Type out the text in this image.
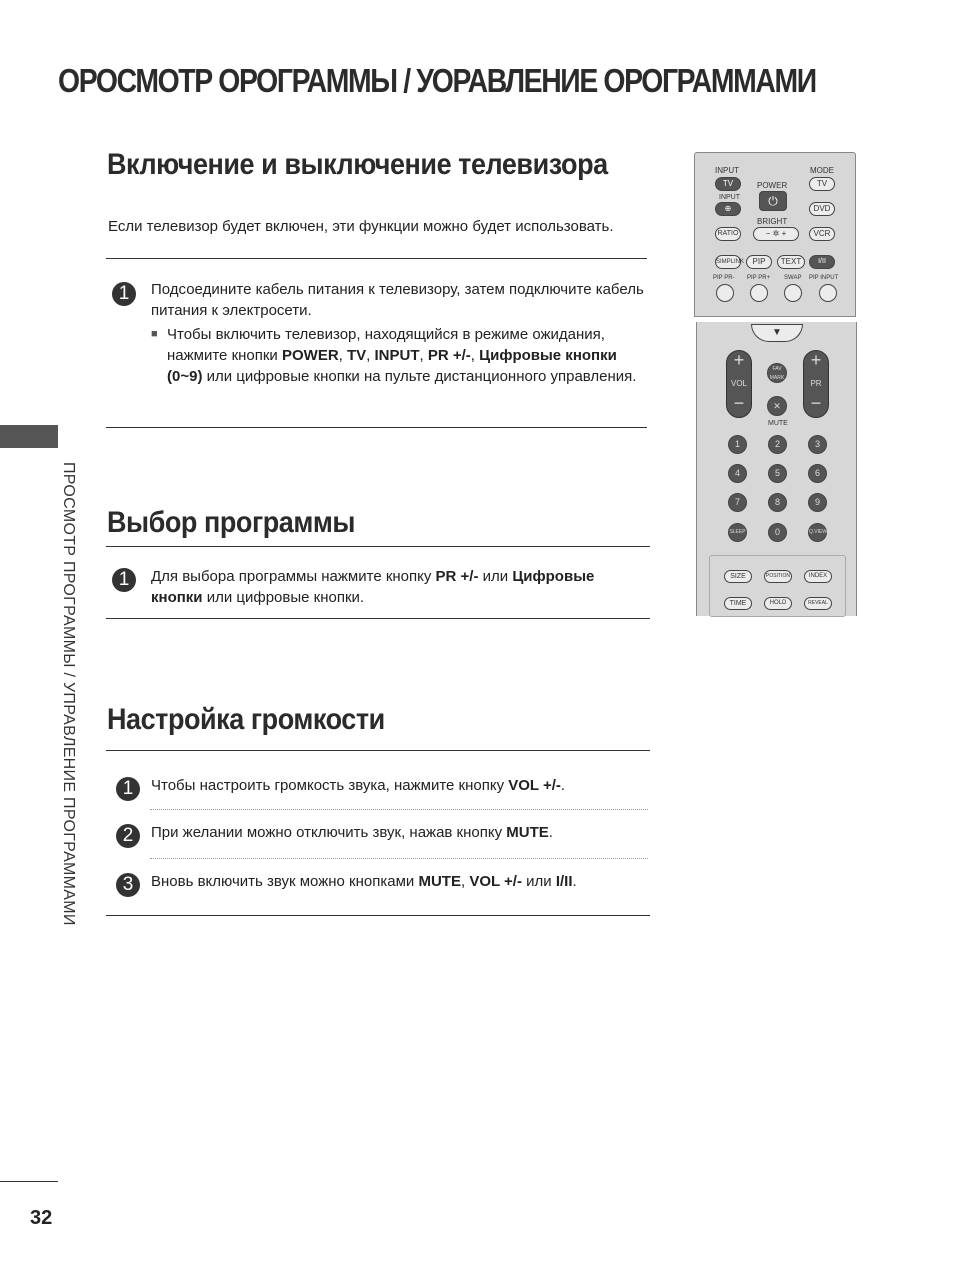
ОРОСМОТР ОРОГРАММЫ / УОРАВЛЕНИЕ ОРОГРАММАМИ
ПРОСМОТР ПРОГРАММЫ / УПРАВЛЕНИЕ ПРОГРАММАМИ
Включение и выключение телевизора
Если телевизор будет включен, эти функции можно будет использовать.
1	Подсоедините кабель питания к телевизору, затем подключите кабель питания к электросети.
■ Чтобы включить телевизор, находящийся в режиме ожидания, нажмите кнопки POWER, TV, INPUT, PR +/-, Цифровые кнопки (0~9) или цифровые кнопки на пульте дистанционного управления.
Выбор программы
1	Для выбора программы нажмите кнопку PR +/- или Цифровые кнопки или цифровые кнопки.
Настройка громкости
1	Чтобы настроить громкость звука, нажмите кнопку VOL +/-.
2	При желании можно отключить звук, нажав кнопку MUTE.
3	Вновь включить звук можно кнопками MUTE, VOL +/- или I/II.
32
INPUT	MODE
TV	POWER	TV
INPUT
⊕
⏻
DVD
BRIGHT
RATIO	− ✲ +	VCR
SIMPLINK	PIP	TEXT	I/II
PIP PR- PIP PR+ SWAP PIP INPUT
▼
+
VOL
−
+
PR
−
FAV MARK
✕
MUTE
1	2	3
4	5	6
7	8	9
SLEEP	0	Q.VIEW
SIZE	POSITION	INDEX
TIME	HOLD	REVEAL
